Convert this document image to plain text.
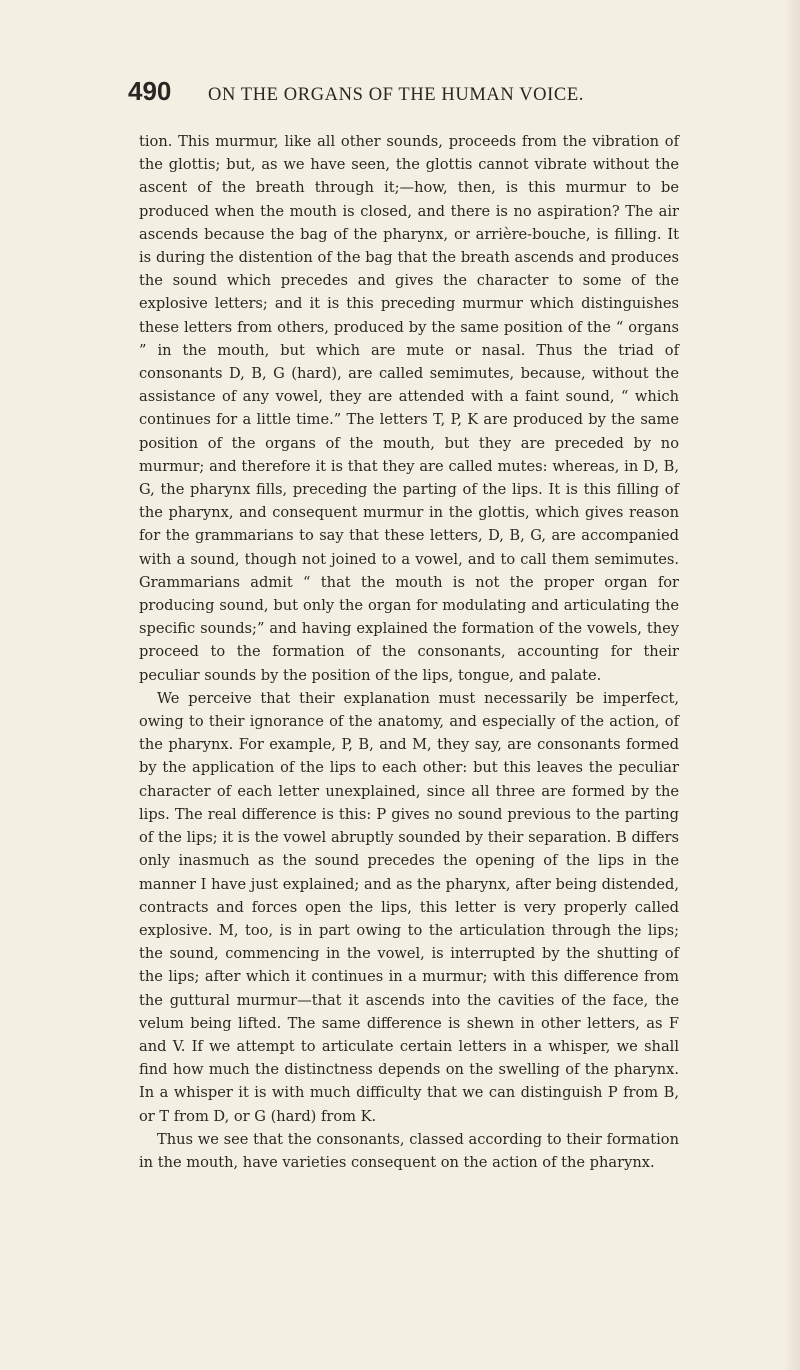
490	ON THE ORGANS OF THE HUMAN VOICE.

tion. This murmur, like all other sounds, proceeds from the vibration of the glottis; but, as we have seen, the glottis cannot vibrate without the ascent of the breath through it;—how, then, is this murmur to be produced when the mouth is closed, and there is no aspiration? The air ascends because the bag of the pharynx, or arrière-bouche, is filling. It is during the distention of the bag that the breath ascends and produces the sound which precedes and gives the character to some of the explosive letters; and it is this preceding murmur which distinguishes these letters from others, produced by the same position of the “ organs ” in the mouth, but which are mute or nasal. Thus the triad of consonants D, B, G (hard), are called semimutes, because, without the assistance of any vowel, they are attended with a faint sound, “ which continues for a little time.” The letters T, P, K are produced by the same position of the organs of the mouth, but they are preceded by no murmur; and therefore it is that they are called mutes: whereas, in D, B, G, the pharynx fills, preceding the parting of the lips. It is this filling of the pharynx, and consequent murmur in the glottis, which gives reason for the grammarians to say that these letters, D, B, G, are accompanied with a sound, though not joined to a vowel, and to call them semimutes. Grammarians admit “ that the mouth is not the proper organ for producing sound, but only the organ for modulating and articulating the specific sounds;” and having explained the formation of the vowels, they proceed to the formation of the consonants, accounting for their peculiar sounds by the position of the lips, tongue, and palate.

We perceive that their explanation must necessarily be imperfect, owing to their ignorance of the anatomy, and especially of the action, of the pharynx. For example, P, B, and M, they say, are consonants formed by the application of the lips to each other: but this leaves the peculiar character of each letter unexplained, since all three are formed by the lips. The real difference is this: P gives no sound previous to the parting of the lips; it is the vowel abruptly sounded by their separation. B differs only inasmuch as the sound precedes the opening of the lips in the manner I have just explained; and as the pharynx, after being distended, contracts and forces open the lips, this letter is very properly called explosive. M, too, is in part owing to the articulation through the lips; the sound, commencing in the vowel, is interrupted by the shutting of the lips; after which it continues in a murmur; with this difference from the guttural murmur—that it ascends into the cavities of the face, the velum being lifted. The same difference is shewn in other letters, as F and V. If we attempt to articulate certain letters in a whisper, we shall find how much the distinctness depends on the swelling of the pharynx. In a whisper it is with much difficulty that we can distinguish P from B, or T from D, or G (hard) from K.

Thus we see that the consonants, classed according to their formation in the mouth, have varieties consequent on the action of the pharynx.
